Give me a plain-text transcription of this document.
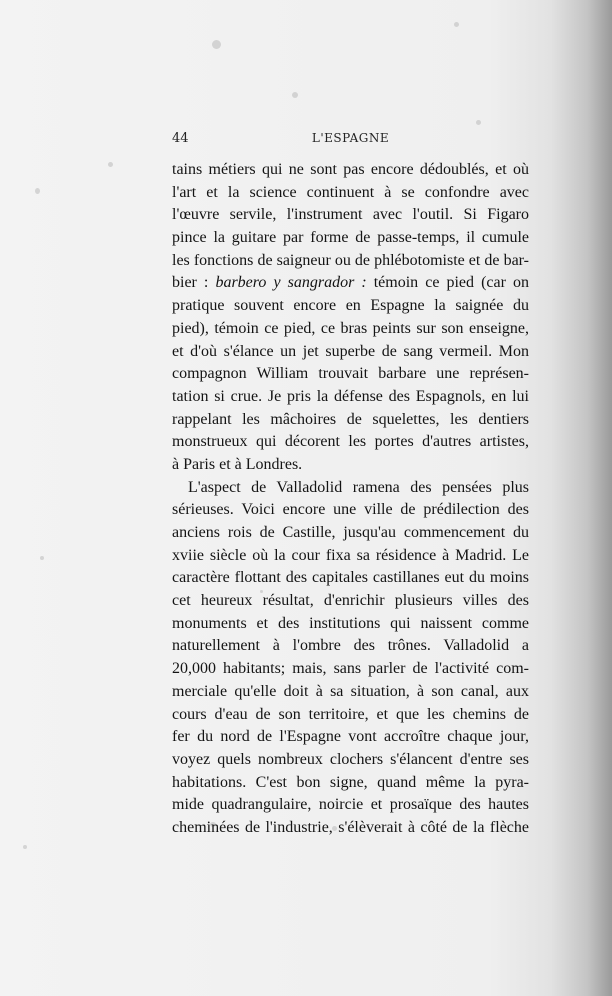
44	L'ESPAGNE
tains métiers qui ne sont pas encore dédoublés, et où
l'art et la science continuent à se confondre avec
l'œuvre servile, l'instrument avec l'outil. Si Figaro
pince la guitare par forme de passe-temps, il cumule
les fonctions de saigneur ou de phlébotomiste et de bar-
bier : barbero y sangrador : témoin ce pied (car on
pratique souvent encore en Espagne la saignée du
pied), témoin ce pied, ce bras peints sur son enseigne,
et d'où s'élance un jet superbe de sang vermeil. Mon
compagnon William trouvait barbare une représen-
tation si crue. Je pris la défense des Espagnols, en lui
rappelant les mâchoires de squelettes, les dentiers
monstrueux qui décorent les portes d'autres artistes,
à Paris et à Londres.
L'aspect de Valladolid ramena des pensées plus
sérieuses. Voici encore une ville de prédilection des
anciens rois de Castille, jusqu'au commencement du
xviie siècle où la cour fixa sa résidence à Madrid. Le
caractère flottant des capitales castillanes eut du moins
cet heureux résultat, d'enrichir plusieurs villes des
monuments et des institutions qui naissent comme
naturellement à l'ombre des trônes. Valladolid a
20,000 habitants; mais, sans parler de l'activité com-
merciale qu'elle doit à sa situation, à son canal, aux
cours d'eau de son territoire, et que les chemins de
fer du nord de l'Espagne vont accroître chaque jour,
voyez quels nombreux clochers s'élancent d'entre ses
habitations. C'est bon signe, quand même la pyra-
mide quadrangulaire, noircie et prosaïque des hautes
cheminées de l'industrie, s'élèverait à côté de la flèche
